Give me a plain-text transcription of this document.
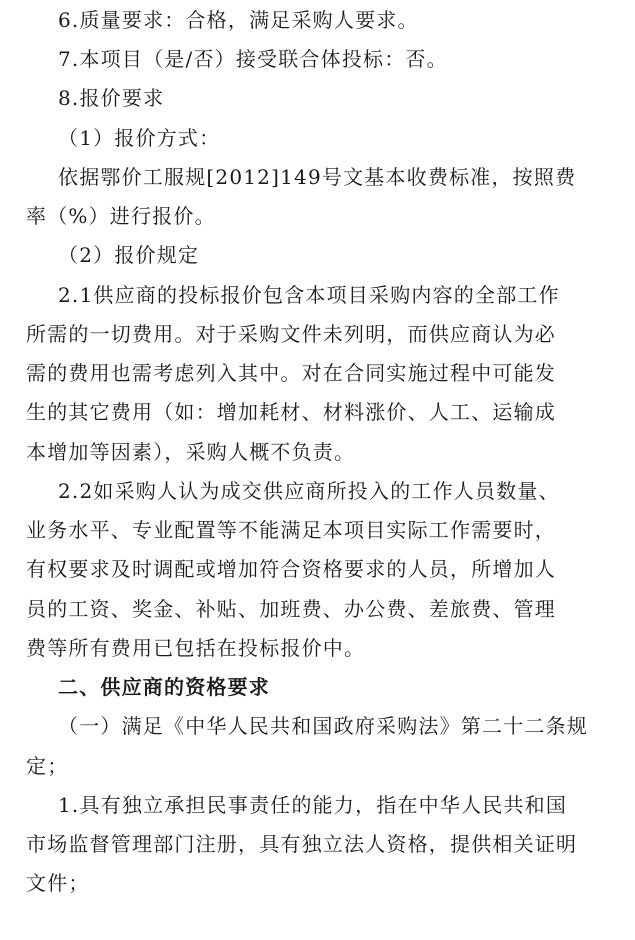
6.质量要求：合格，满足采购人要求。
7.本项目（是/否）接受联合体投标：否。
8.报价要求
（1）报价方式：
依据鄂价工服规[2012]149号文基本收费标准，按照费
率（%）进行报价。
（2）报价规定
2.1供应商的投标报价包含本项目采购内容的全部工作
所需的一切费用。对于采购文件未列明，而供应商认为必
需的费用也需考虑列入其中。对在合同实施过程中可能发
生的其它费用（如：增加耗材、材料涨价、人工、运输成
本增加等因素），采购人概不负责。
2.2如采购人认为成交供应商所投入的工作人员数量、
业务水平、专业配置等不能满足本项目实际工作需要时，
有权要求及时调配或增加符合资格要求的人员，所增加人
员的工资、奖金、补贴、加班费、办公费、差旅费、管理
费等所有费用已包括在投标报价中。
二、供应商的资格要求
（一）满足《中华人民共和国政府采购法》第二十二条规
定；
1.具有独立承担民事责任的能力，指在中华人民共和国
市场监督管理部门注册，具有独立法人资格，提供相关证明
文件；
